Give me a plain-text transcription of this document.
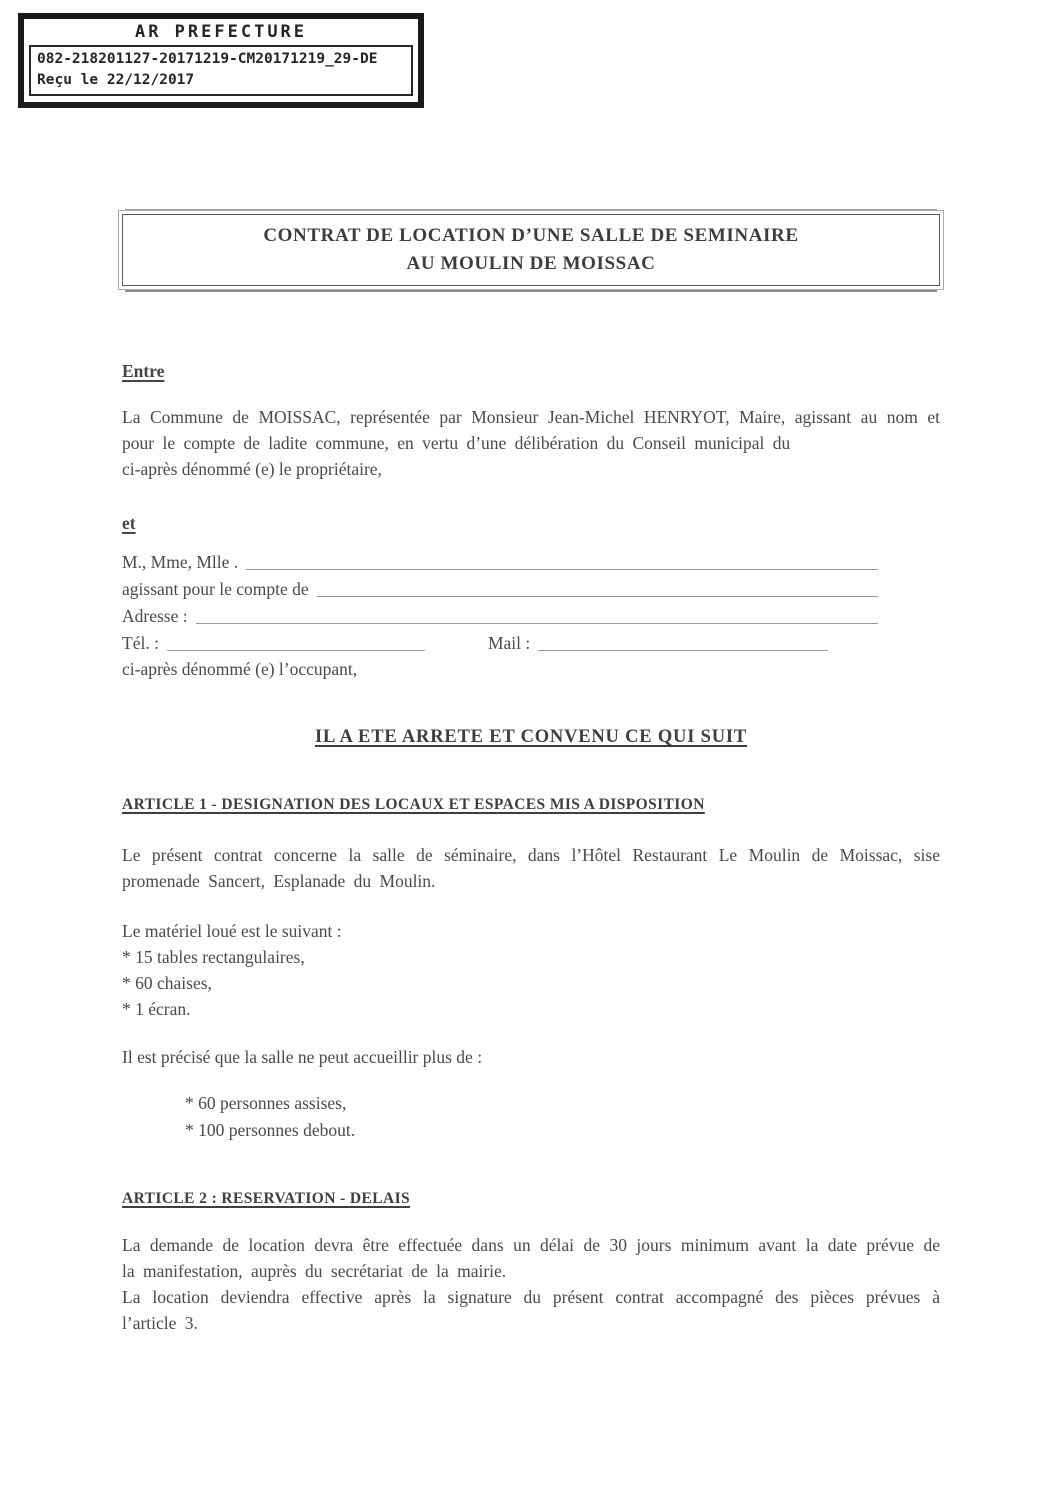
AR PREFECTURE
082-218201127-20171219-CM20171219_29-DE
Reçu le 22/12/2017
CONTRAT DE LOCATION D’UNE SALLE DE SEMINAIRE
AU MOULIN DE MOISSAC
Entre

La Commune de MOISSAC, représentée par Monsieur Jean-Michel HENRYOT, Maire, agissant au nom et pour le compte de ladite commune, en vertu d’une délibération du Conseil municipal du

ci-après dénommé (e) le propriétaire,
et
M., Mme, Mlle .
agissant pour le compte de
Adresse :
Tél. :	Mail :
ci-après dénommé (e) l’occupant,
IL A ETE ARRETE ET CONVENU CE QUI SUIT
ARTICLE 1 - DESIGNATION DES LOCAUX ET ESPACES MIS A DISPOSITION

Le présent contrat concerne la salle de séminaire, dans l’Hôtel Restaurant Le Moulin de Moissac, sise promenade Sancert, Esplanade du Moulin.

Le matériel loué est le suivant :
* 15 tables rectangulaires,
* 60 chaises,
* 1 écran.
Il est précisé que la salle ne peut accueillir plus de :
* 60 personnes assises,
* 100 personnes debout.
ARTICLE 2 : RESERVATION - DELAIS

La demande de location devra être effectuée dans un délai de 30 jours minimum avant la date prévue de la manifestation, auprès du secrétariat de la mairie.

La location deviendra effective après la signature du présent contrat accompagné des pièces prévues à l’article 3.
